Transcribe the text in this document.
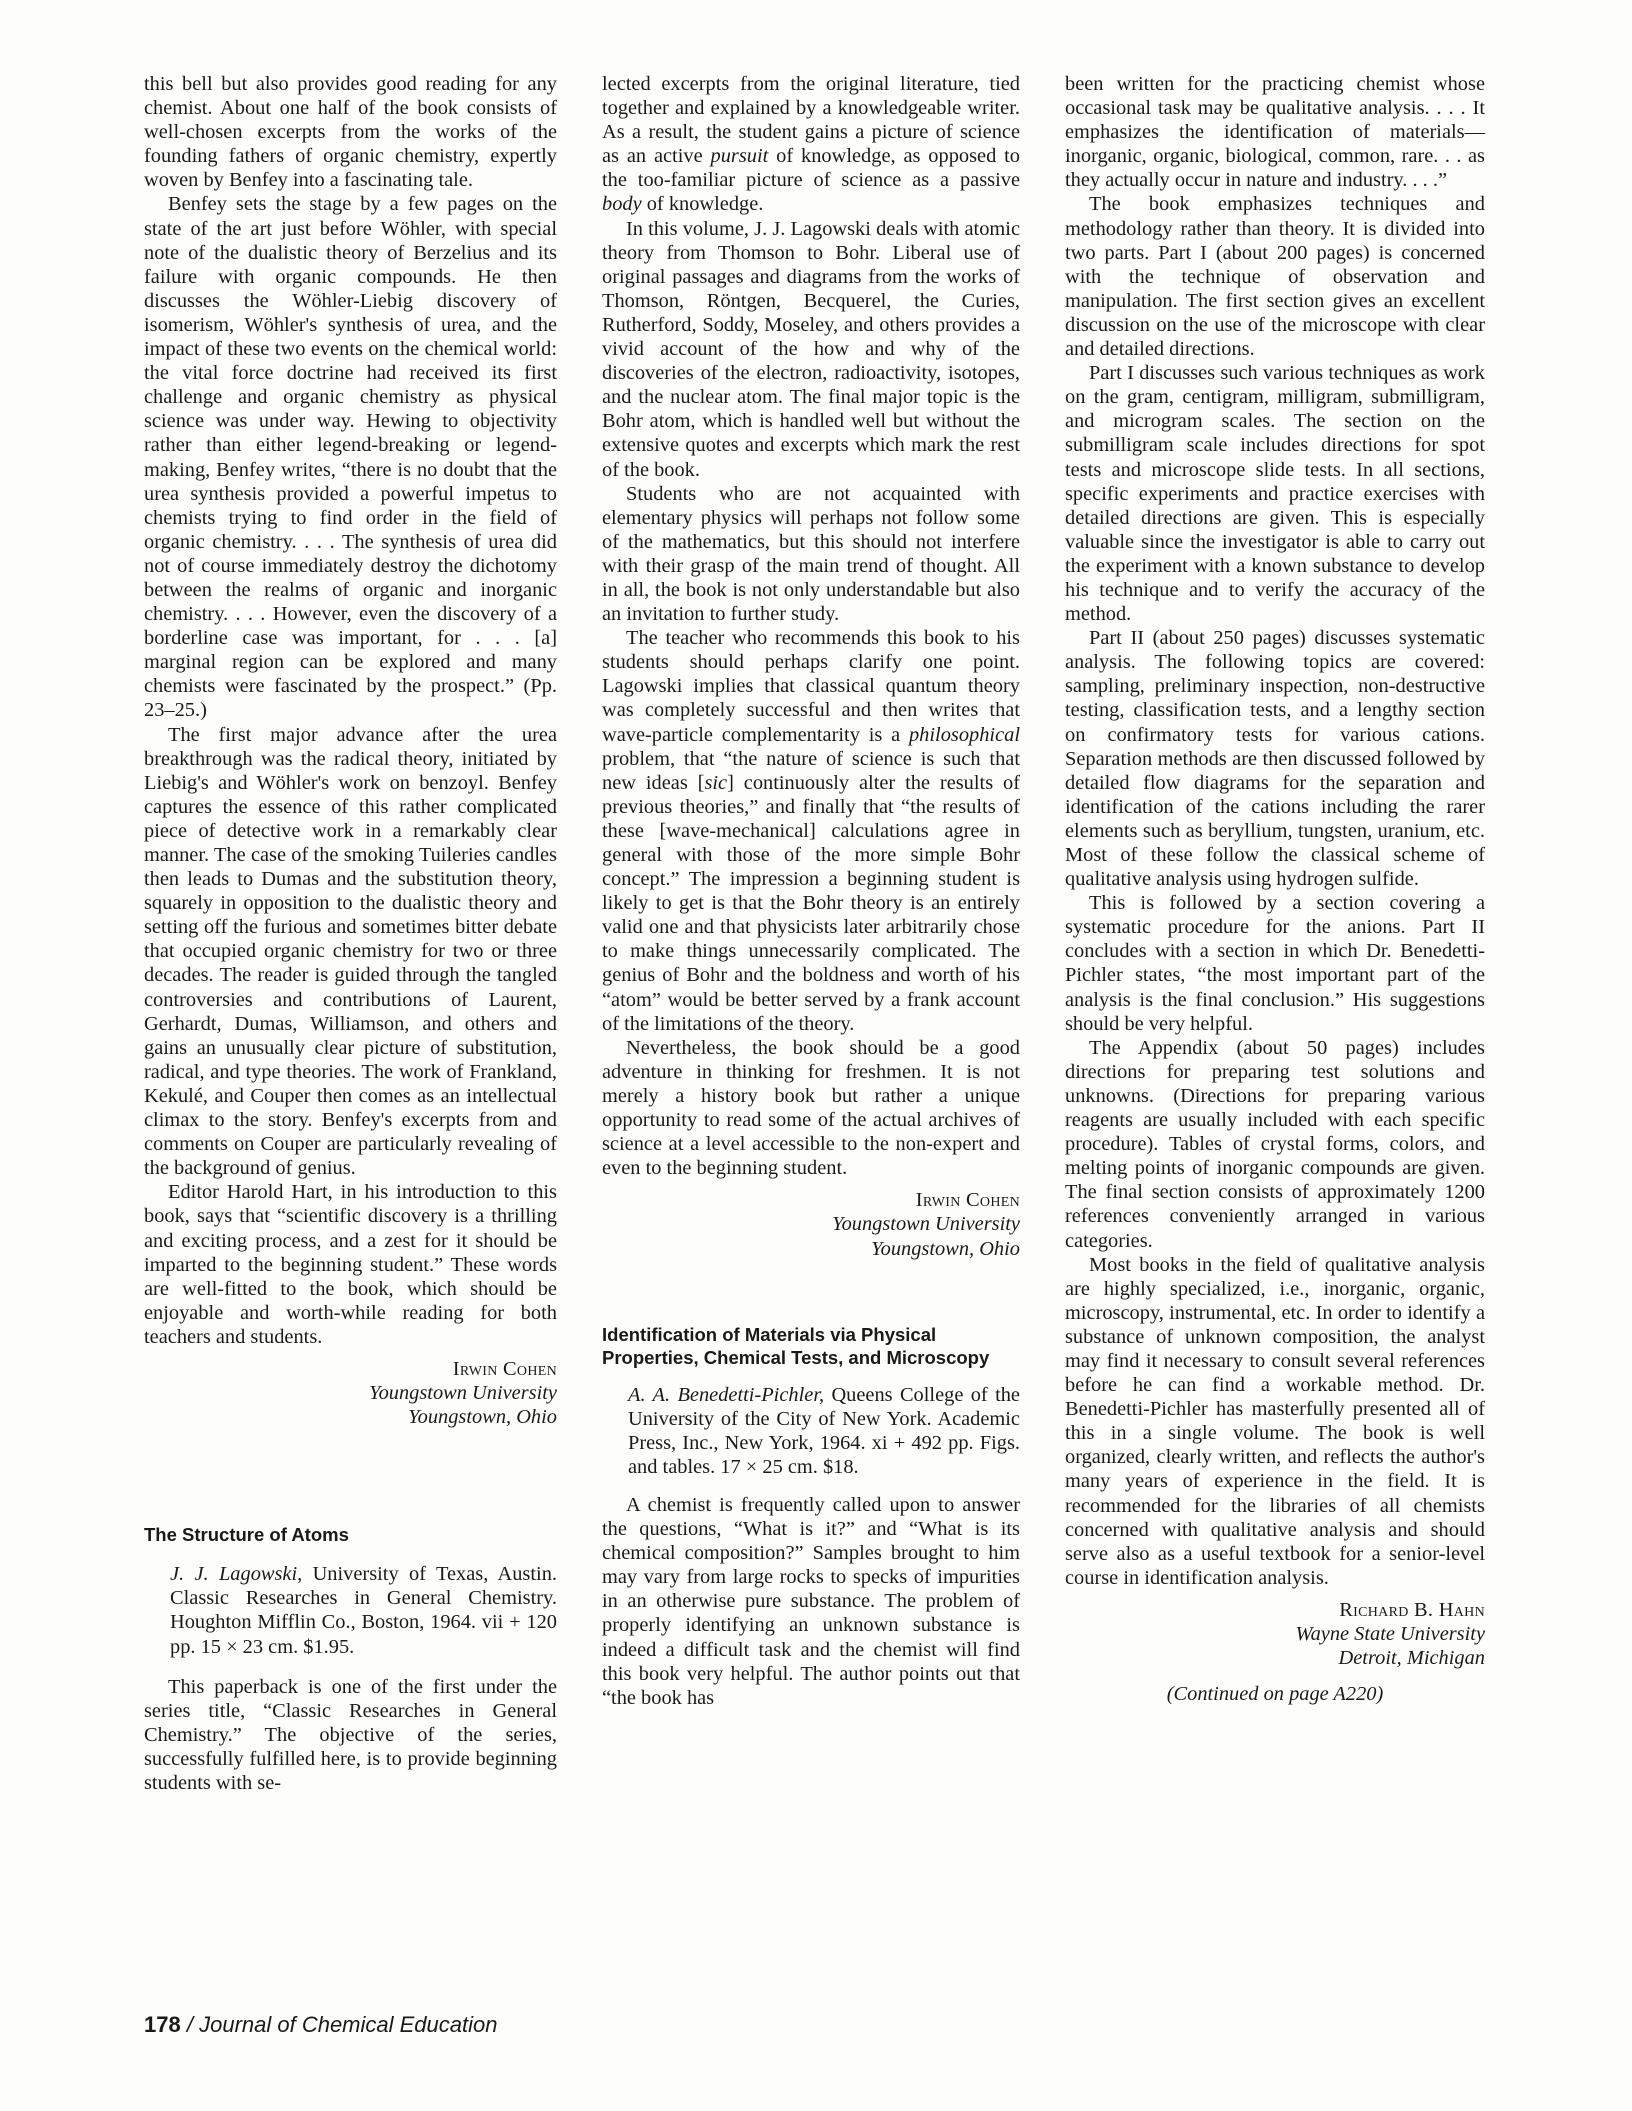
this bell but also provides good reading for any chemist. About one half of the book consists of well-chosen excerpts from the works of the founding fathers of organic chemistry, expertly woven by Benfey into a fascinating tale.

Benfey sets the stage by a few pages on the state of the art just before Wöhler, with special note of the dualistic theory of Berzelius and its failure with organic compounds. He then discusses the Wöhler-Liebig discovery of isomerism, Wöhler's synthesis of urea, and the impact of these two events on the chemical world: the vital force doctrine had received its first challenge and organic chemistry as physical science was under way. Hewing to objectivity rather than either legend-breaking or legend-making, Benfey writes, “there is no doubt that the urea synthesis provided a powerful impetus to chemists trying to find order in the field of organic chemistry. . . . The synthesis of urea did not of course immediately destroy the dichotomy between the realms of organic and inorganic chemistry. . . . However, even the discovery of a borderline case was important, for . . . [a] marginal region can be explored and many chemists were fascinated by the prospect.” (Pp. 23–25.)

The first major advance after the urea breakthrough was the radical theory, initiated by Liebig's and Wöhler's work on benzoyl. Benfey captures the essence of this rather complicated piece of detective work in a remarkably clear manner. The case of the smoking Tuileries candles then leads to Dumas and the substitution theory, squarely in opposition to the dualistic theory and setting off the furious and sometimes bitter debate that occupied organic chemistry for two or three decades. The reader is guided through the tangled controversies and contributions of Laurent, Gerhardt, Dumas, Williamson, and others and gains an unusually clear picture of substitution, radical, and type theories. The work of Frankland, Kekulé, and Couper then comes as an intellectual climax to the story. Benfey's excerpts from and comments on Couper are particularly revealing of the background of genius.

Editor Harold Hart, in his introduction to this book, says that “scientific discovery is a thrilling and exciting process, and a zest for it should be imparted to the beginning student.” These words are well-fitted to the book, which should be enjoyable and worth-while reading for both teachers and students.

Irwin Cohen
Youngstown University
Youngstown, Ohio
The Structure of Atoms

J. J. Lagowski, University of Texas, Austin. Classic Researches in General Chemistry. Houghton Mifflin Co., Boston, 1964. vii + 120 pp. 15 × 23 cm. $1.95.

This paperback is one of the first under the series title, “Classic Researches in General Chemistry.” The objective of the series, successfully fulfilled here, is to provide beginning students with se-

lected excerpts from the original literature, tied together and explained by a knowledgeable writer. As a result, the student gains a picture of science as an active pursuit of knowledge, as opposed to the too-familiar picture of science as a passive body of knowledge.

In this volume, J. J. Lagowski deals with atomic theory from Thomson to Bohr. Liberal use of original passages and diagrams from the works of Thomson, Röntgen, Becquerel, the Curies, Rutherford, Soddy, Moseley, and others provides a vivid account of the how and why of the discoveries of the electron, radioactivity, isotopes, and the nuclear atom. The final major topic is the Bohr atom, which is handled well but without the extensive quotes and excerpts which mark the rest of the book.

Students who are not acquainted with elementary physics will perhaps not follow some of the mathematics, but this should not interfere with their grasp of the main trend of thought. All in all, the book is not only understandable but also an invitation to further study.

The teacher who recommends this book to his students should perhaps clarify one point. Lagowski implies that classical quantum theory was completely successful and then writes that wave-particle complementarity is a philosophical problem, that “the nature of science is such that new ideas [sic] continuously alter the results of previous theories,” and finally that “the results of these [wave-mechanical] calculations agree in general with those of the more simple Bohr concept.” The impression a beginning student is likely to get is that the Bohr theory is an entirely valid one and that physicists later arbitrarily chose to make things unnecessarily complicated. The genius of Bohr and the boldness and worth of his “atom” would be better served by a frank account of the limitations of the theory.

Nevertheless, the book should be a good adventure in thinking for freshmen. It is not merely a history book but rather a unique opportunity to read some of the actual archives of science at a level accessible to the non-expert and even to the beginning student.

Irwin Cohen
Youngstown University
Youngstown, Ohio
Identification of Materials via Physical Properties, Chemical Tests, and Microscopy

A. A. Benedetti-Pichler, Queens College of the University of the City of New York. Academic Press, Inc., New York, 1964. xi + 492 pp. Figs. and tables. 17 × 25 cm. $18.

A chemist is frequently called upon to answer the questions, “What is it?” and “What is its chemical composition?” Samples brought to him may vary from large rocks to specks of impurities in an otherwise pure substance. The problem of properly identifying an unknown substance is indeed a difficult task and the chemist will find this book very helpful. The author points out that “the book has

been written for the practicing chemist whose occasional task may be qualitative analysis. . . . It emphasizes the identification of materials—inorganic, organic, biological, common, rare. . . as they actually occur in nature and industry. . . .”

The book emphasizes techniques and methodology rather than theory. It is divided into two parts. Part I (about 200 pages) is concerned with the technique of observation and manipulation. The first section gives an excellent discussion on the use of the microscope with clear and detailed directions.

Part I discusses such various techniques as work on the gram, centigram, milligram, submilligram, and microgram scales. The section on the submilligram scale includes directions for spot tests and microscope slide tests. In all sections, specific experiments and practice exercises with detailed directions are given. This is especially valuable since the investigator is able to carry out the experiment with a known substance to develop his technique and to verify the accuracy of the method.

Part II (about 250 pages) discusses systematic analysis. The following topics are covered: sampling, preliminary inspection, non-destructive testing, classification tests, and a lengthy section on confirmatory tests for various cations. Separation methods are then discussed followed by detailed flow diagrams for the separation and identification of the cations including the rarer elements such as beryllium, tungsten, uranium, etc. Most of these follow the classical scheme of qualitative analysis using hydrogen sulfide.

This is followed by a section covering a systematic procedure for the anions. Part II concludes with a section in which Dr. Benedetti-Pichler states, “the most important part of the analysis is the final conclusion.” His suggestions should be very helpful.

The Appendix (about 50 pages) includes directions for preparing test solutions and unknowns. (Directions for preparing various reagents are usually included with each specific procedure). Tables of crystal forms, colors, and melting points of inorganic compounds are given. The final section consists of approximately 1200 references conveniently arranged in various categories.

Most books in the field of qualitative analysis are highly specialized, i.e., inorganic, organic, microscopy, instrumental, etc. In order to identify a substance of unknown composition, the analyst may find it necessary to consult several references before he can find a workable method. Dr. Benedetti-Pichler has masterfully presented all of this in a single volume. The book is well organized, clearly written, and reflects the author's many years of experience in the field. It is recommended for the libraries of all chemists concerned with qualitative analysis and should serve also as a useful textbook for a senior-level course in identification analysis.

Richard B. Hahn
Wayne State University
Detroit, Michigan
(Continued on page A220)
178 / Journal of Chemical Education
